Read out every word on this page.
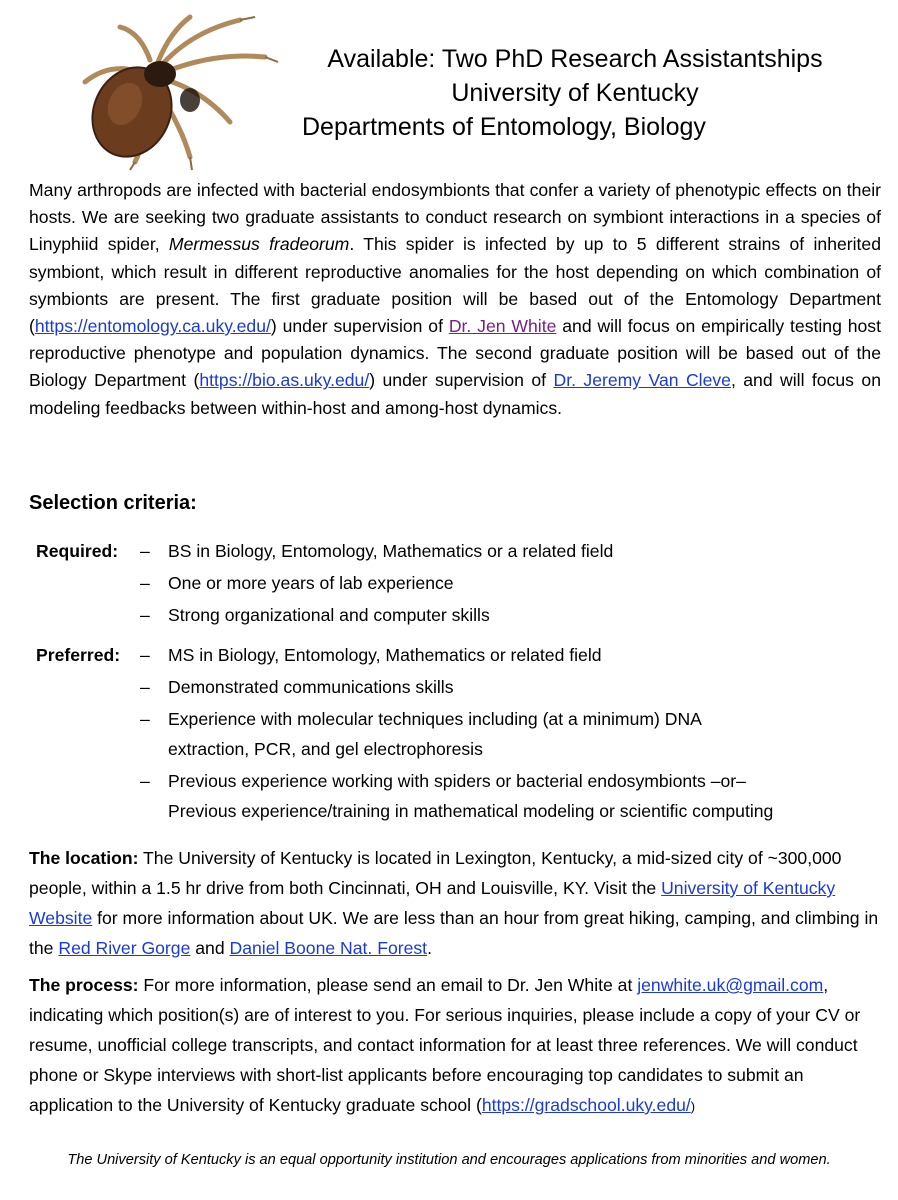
Available: Two PhD Research Assistantships
University of Kentucky
Departments of Entomology, Biology
Many arthropods are infected with bacterial endosymbionts that confer a variety of phenotypic effects on their hosts. We are seeking two graduate assistants to conduct research on symbiont interactions in a species of Linyphiid spider, Mermessus fradeorum. This spider is infected by up to 5 different strains of inherited symbiont, which result in different reproductive anomalies for the host depending on which combination of symbionts are present. The first graduate position will be based out of the Entomology Department (https://entomology.ca.uky.edu/) under supervision of Dr. Jen White and will focus on empirically testing host reproductive phenotype and population dynamics. The second graduate position will be based out of the Biology Department (https://bio.as.uky.edu/) under supervision of Dr. Jeremy Van Cleve, and will focus on modeling feedbacks between within-host and among-host dynamics.
Selection criteria:
Required: – BS in Biology, Entomology, Mathematics or a related field
– One or more years of lab experience
– Strong organizational and computer skills
Preferred: – MS in Biology, Entomology, Mathematics or related field
– Demonstrated communications skills
– Experience with molecular techniques including (at a minimum) DNA
extraction, PCR, and gel electrophoresis
– Previous experience working with spiders or bacterial endosymbionts –or–
Previous experience/training in mathematical modeling or scientific computing
The location: The University of Kentucky is located in Lexington, Kentucky, a mid-sized city of ~300,000 people, within a 1.5 hr drive from both Cincinnati, OH and Louisville, KY. Visit the University of Kentucky Website for more information about UK. We are less than an hour from great hiking, camping, and climbing in the Red River Gorge and Daniel Boone Nat. Forest.
The process: For more information, please send an email to Dr. Jen White at jenwhite.uk@gmail.com, indicating which position(s) are of interest to you. For serious inquiries, please include a copy of your CV or resume, unofficial college transcripts, and contact information for at least three references. We will conduct phone or Skype interviews with short-list applicants before encouraging top candidates to submit an application to the University of Kentucky graduate school (https://gradschool.uky.edu/)
The University of Kentucky is an equal opportunity institution and encourages applications from minorities and women.
